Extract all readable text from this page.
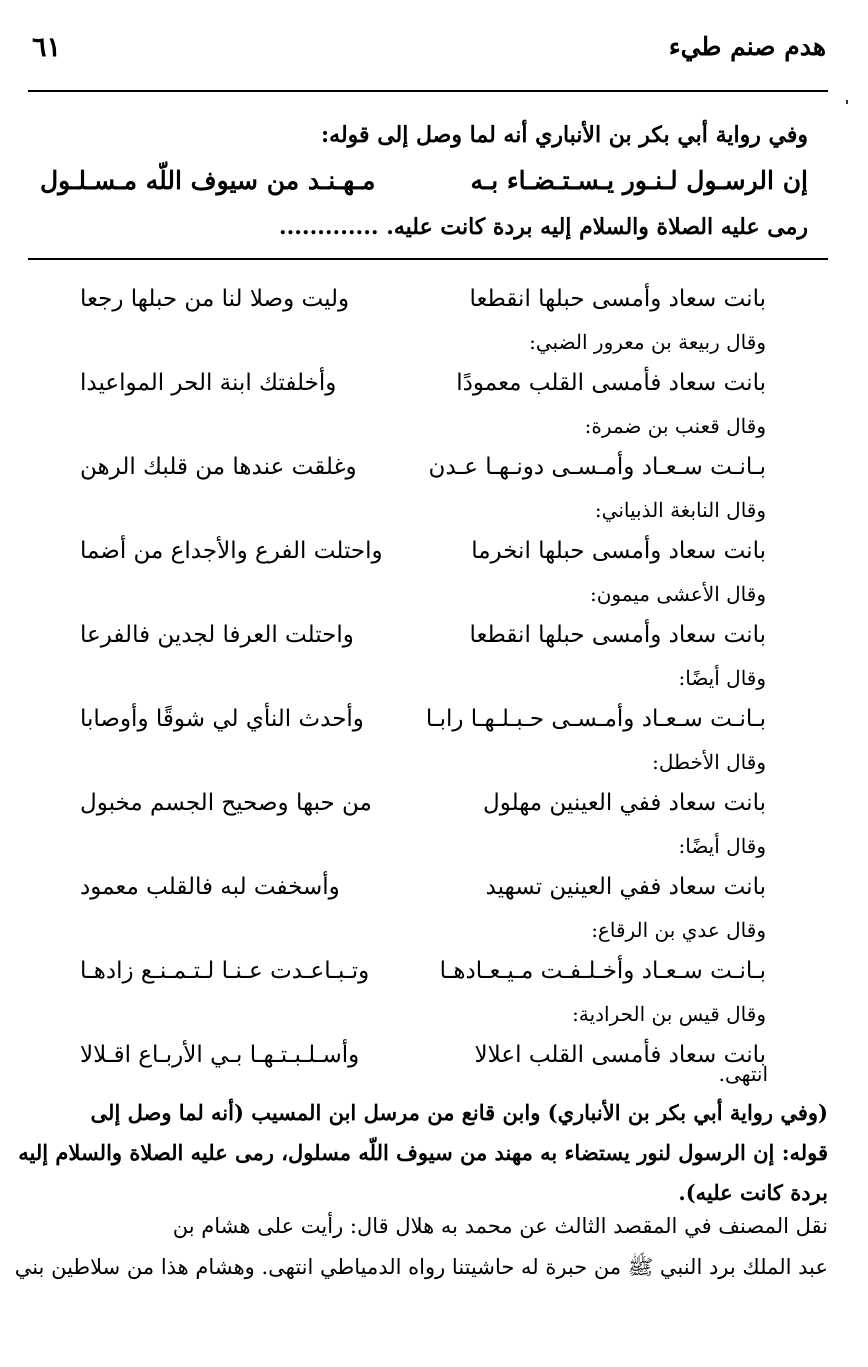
هدم صنم طيء
٦١
وفي رواية أبي بكر بن الأنباري أنه لما وصل إلى قوله:
إن الرسـول لـنـور يـسـتـضـاء بـه
مـهـنـد من سيوف اللّه مـسـلـول
رمى عليه الصلاة والسلام إليه بردة كانت عليه. .............
بانت سعاد وأمسى حبلها انقطعا
وليت وصلا لنا من حبلها رجعا
وقال ربيعة بن معرور الضبي:
بانت سعاد فأمسى القلب معمودًا
وأخلفتك ابنة الحر المواعيدا
وقال قعنب بن ضمرة:
بـانـت سـعـاد وأمـسـى دونـهـا عـدن
وغلقت عندها من قلبك الرهن
وقال النابغة الذبياني:
بانت سعاد وأمسى حبلها انخرما
واحتلت الفرع والأجداع من أضما
وقال الأعشى ميمون:
بانت سعاد وأمسى حبلها انقطعا
واحتلت العرفا لجدين فالفرعا
وقال أيضًا:
بـانـت سـعـاد وأمـسـى حـبـلـهـا رابـا
وأحدث النأي لي شوقًا وأوصابا
وقال الأخطل:
بانت سعاد ففي العينين مهلول
من حبها وصحيح الجسم مخبول
وقال أيضًا:
بانت سعاد ففي العينين تسهيد
وأسخفت لبه فالقلب معمود
وقال عدي بن الرقاع:
بـانـت سـعـاد وأخـلـفـت مـيـعـادهـا
وتـبـاعـدت عـنـا لـتـمـنـع زادهـا
وقال قيس بن الحرادية:
بانت سعاد فأمسى القلب اعلالا
وأسـلـبـتـهـا بـي الأربـاع اقـلالا
انتهى.
(وفي رواية أبي بكر بن الأنباري) وابن قانع من مرسل ابن المسيب (أنه لما وصل إلى
قوله: إن الرسول لنور يستضاء به مهند من سيوف اللّه مسلول، رمى عليه الصلاة والسلام إليه
بردة كانت عليه).
نقل المصنف في المقصد الثالث عن محمد به هلال قال: رأيت على هشام بن
عبد الملك برد النبي ﷺ من حبرة له حاشيتنا رواه الدمياطي انتهى. وهشام هذا من سلاطين بني
